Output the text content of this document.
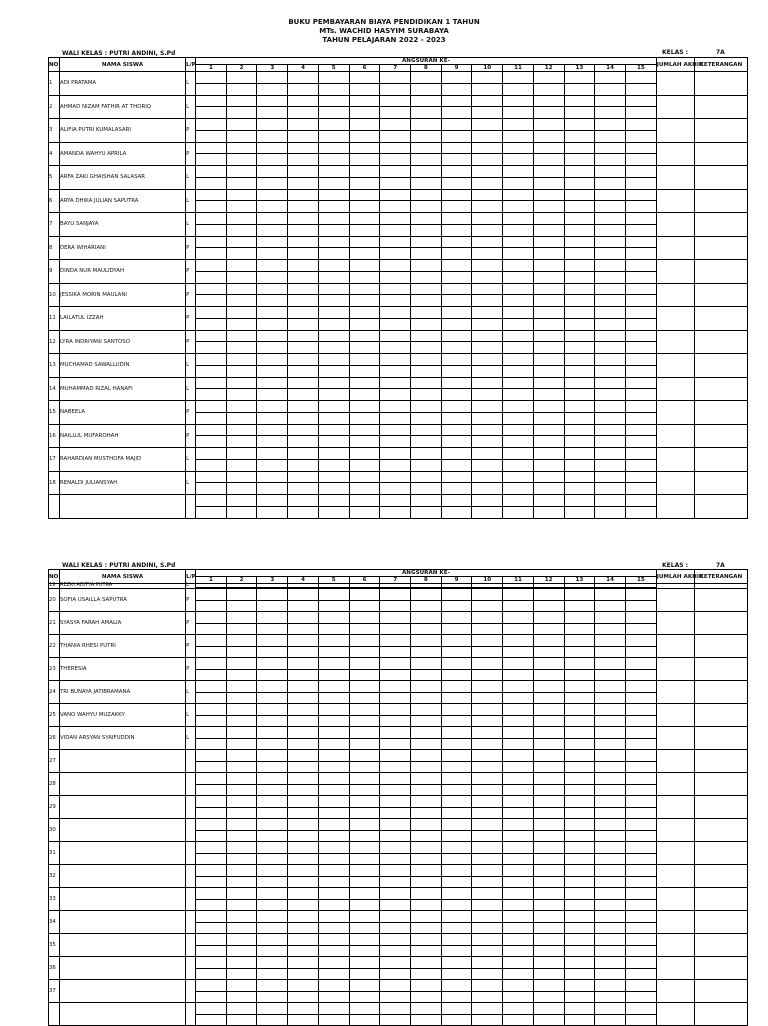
BUKU PEMBAYARAN BIAYA PENDIDIKAN 1 TAHUN
MTs. WACHID HASYIM SURABAYA
TAHUN PELAJARAN 2022 - 2023
WALI KELAS : PUTRI ANDINI, S.Pd	KELAS :	7A
NO	NAMA SISWA	L/P	ANGSURAN KE-															JUMLAH AKHIR	KETERANGAN
			1	2	3	4	5	6	7	8	9	10	11	12	13	14	15		
1	ADI PRATAMA	L																	

2	AHMAD NIZAM FATHIR AT THORIQ	L																	

3	ALIFIA PUTRI KUMALASARI	P																	

4	AMANDA WAHYU APRILA	P																	

5	ARFA ZAKI GHAISHAN SALASAR	L																	

6	ARYA DHIKA JULIAN SAPUTRA	L																	

7	BAYU SANJAYA	L																	

8	DERA WIHARIANI	P																	

9	DINDA NUR MAULIDYAH	P																	

10	JESSIKA MORIN MAULANI	P																	

11	LAILATUL IZZAH	P																	

12	LYRA INDRIYANI SANTOSO	P																	

13	MUCHAMAD SAWALLUDIN	L																	

14	MUHAMMAD RIZAL HANAFI	L																	

15	NABEELA	P																	

16	NAILLUL MUFAROHAH	P																	

17	RAHARDIAN MUSTHOFA MAJID	L																	

18	RENALDI JULIANSYAH	L																	

WALI KELAS : PUTRI ANDINI, S.Pd	KELAS :	7A
NO	NAMA SISWA	L/P	ANGSURAN KE-															JUMLAH AKHIR	KETERANGAN
			1	2	3	4	5	6	7	8	9	10	11	12	13	14	15		
19	REZKI ADITYA PUTRA	L																	

20	SOFIA USAILLA SAPUTRA	P																	

21	SYASYA FARAH AMALIA	P																	

22	THANIA RHESI PUTRI	P																	

23	THERESIA	P																	

24	TRI BUNAYA JATIBRAMANA	L																	

25	VANO WAHYU MUZAKKY	L																	

26	VIDAN ARSYAN SYAIFUDDIN	L																	

27																			

28																			

29																			

30																			

31																			

32																			

33																			

34																			

35																			

36																			

37																			
